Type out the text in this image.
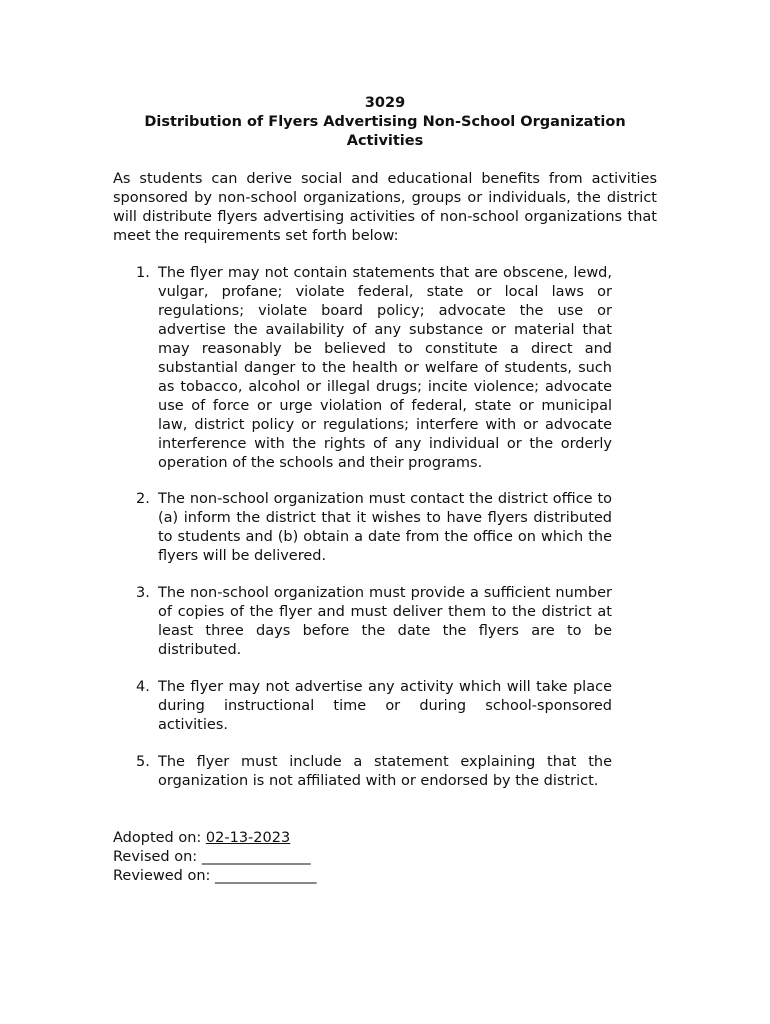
3029
Distribution of Flyers Advertising Non-School Organization
Activities

As students can derive social and educational benefits from activities sponsored by non-school organizations, groups or individuals, the district will distribute flyers advertising activities of non-school organizations that meet the requirements set forth below:

1. The flyer may not contain statements that are obscene, lewd, vulgar, profane; violate federal, state or local laws or regulations; violate board policy; advocate the use or advertise the availability of any substance or material that may reasonably be believed to constitute a direct and substantial danger to the health or welfare of students, such as tobacco, alcohol or illegal drugs; incite violence; advocate use of force or urge violation of federal, state or municipal law, district policy or regulations; interfere with or advocate interference with the rights of any individual or the orderly operation of the schools and their programs.
2. The non-school organization must contact the district office to (a) inform the district that it wishes to have flyers distributed to students and (b) obtain a date from the office on which the flyers will be delivered.
3. The non-school organization must provide a sufficient number of copies of the flyer and must deliver them to the district at least three days before the date the flyers are to be distributed.
4. The flyer may not advertise any activity which will take place during instructional time or during school-sponsored activities.
5. The flyer must include a statement explaining that the organization is not affiliated with or endorsed by the district.
Adopted on: 02-13-2023
Revised on: _______________
Reviewed on: ______________
